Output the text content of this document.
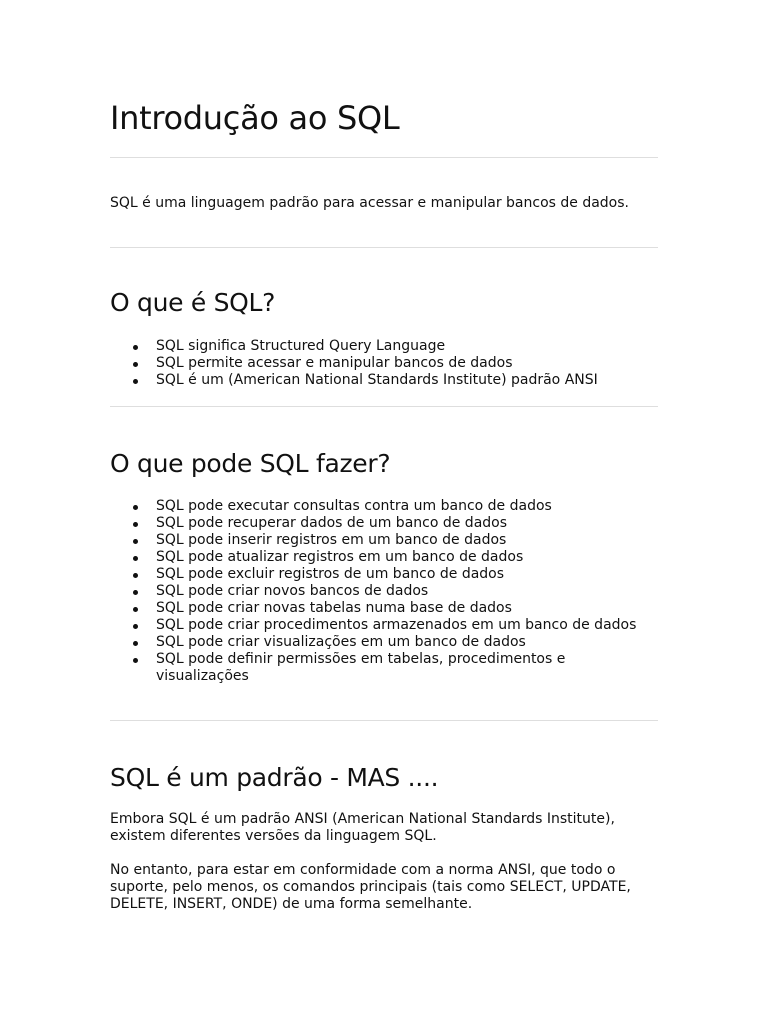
Introdução ao SQL

SQL é uma linguagem padrão para acessar e manipular bancos de dados.

O que é SQL?
SQL significa Structured Query Language
SQL permite acessar e manipular bancos de dados
SQL é um (American National Standards Institute) padrão ANSI
O que pode SQL fazer?
SQL pode executar consultas contra um banco de dados
SQL pode recuperar dados de um banco de dados
SQL pode inserir registros em um banco de dados
SQL pode atualizar registros em um banco de dados
SQL pode excluir registros de um banco de dados
SQL pode criar novos bancos de dados
SQL pode criar novas tabelas numa base de dados
SQL pode criar procedimentos armazenados em um banco de dados
SQL pode criar visualizações em um banco de dados
SQL pode definir permissões em tabelas, procedimentos e visualizações
SQL é um padrão - MAS ....

Embora SQL é um padrão ANSI (American National Standards Institute), existem diferentes versões da linguagem SQL.

No entanto, para estar em conformidade com a norma ANSI, que todo o suporte, pelo menos, os comandos principais (tais como SELECT, UPDATE, DELETE, INSERT, ONDE) de uma forma semelhante.
